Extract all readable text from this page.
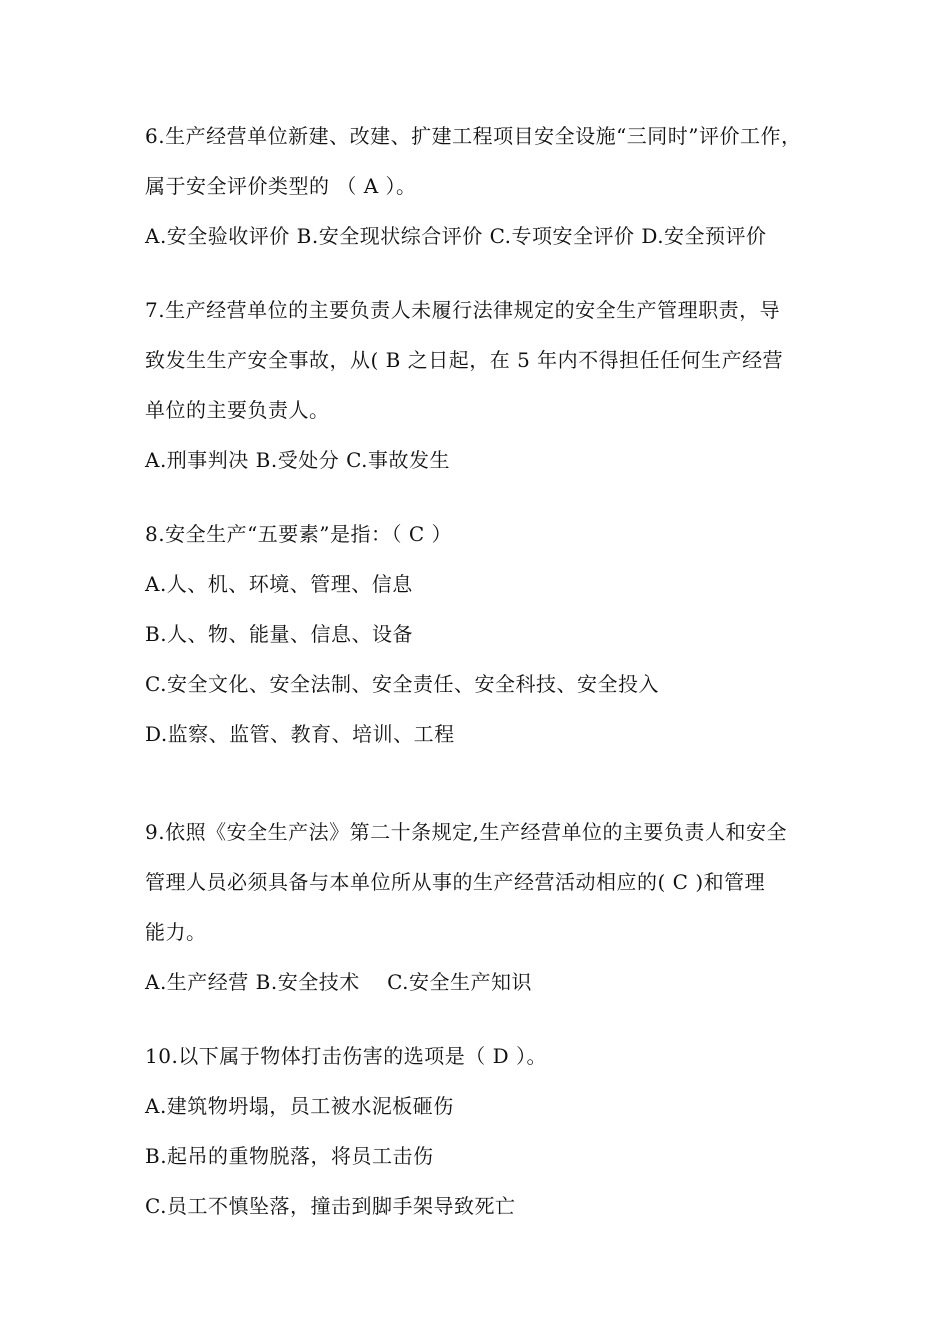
6.生产经营单位新建、改建、扩建工程项目安全设施“三同时”评价工作，
属于安全评价类型的 （ A ）。
A.安全验收评价 B.安全现状综合评价 C.专项安全评价 D.安全预评价
7.生产经营单位的主要负责人未履行法律规定的安全生产管理职责，导
致发生生产安全事故，从( B 之日起，在 5 年内不得担任任何生产经营
单位的主要负责人。
A.刑事判决 B.受处分 C.事故发生
8.安全生产“五要素”是指：（ C ）
A.人、机、环境、管理、信息
B.人、物、能量、信息、设备
C.安全文化、安全法制、安全责任、安全科技、安全投入
D.监察、监管、教育、培训、工程
9.依照《安全生产法》第二十条规定,生产经营单位的主要负责人和安全
管理人员必须具备与本单位所从事的生产经营活动相应的( C )和管理
能力。
A.生产经营 B.安全技术　 C.安全生产知识
10.以下属于物体打击伤害的选项是（ D ）。
A.建筑物坍塌，员工被水泥板砸伤
B.起吊的重物脱落，将员工击伤
C.员工不慎坠落，撞击到脚手架导致死亡
